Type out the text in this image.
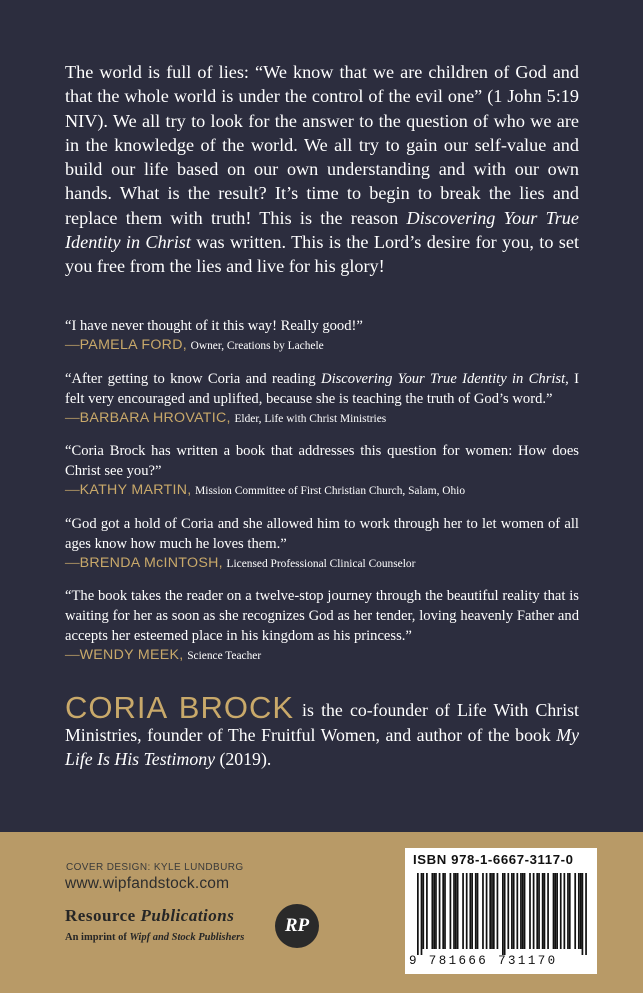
The world is full of lies: “We know that we are children of God and that the whole world is under the control of the evil one” (1 John 5:19 NIV). We all try to look for the answer to the question of who we are in the knowledge of the world. We all try to gain our self-value and build our life based on our own understanding and with our own hands. What is the result? It’s time to begin to break the lies and replace them with truth! This is the reason Discovering Your True Identity in Christ was written. This is the Lord’s desire for you, to set you free from the lies and live for his glory!

“I have never thought of it this way! Really good!”
—PAMELA FORD, Owner, Creations by Lachele
“After getting to know Coria and reading Discovering Your True Identity in Christ, I felt very encouraged and uplifted, because she is teaching the truth of God’s word.”
—BARBARA HROVATIC, Elder, Life with Christ Ministries
“Coria Brock has written a book that addresses this question for women: How does Christ see you?”
—KATHY MARTIN, Mission Committee of First Christian Church, Salam, Ohio
“God got a hold of Coria and she allowed him to work through her to let women of all ages know how much he loves them.”
—BRENDA McINTOSH, Licensed Professional Clinical Counselor
“The book takes the reader on a twelve-stop journey through the beautiful reality that is waiting for her as soon as she recognizes God as her tender, loving heavenly Father and accepts her esteemed place in his kingdom as his princess.”
—WENDY MEEK, Science Teacher

CORIA BROCK is the co-founder of Life With Christ Ministries, founder of The Fruitful Women, and author of the book My Life Is His Testimony (2019).

COVER DESIGN: KYLE LUNDBURG
www.wipfandstock.com
Resource Publications
An imprint of Wipf and Stock Publishers
RP
ISBN 978-1-6667-3117-0
9 781666 731170
